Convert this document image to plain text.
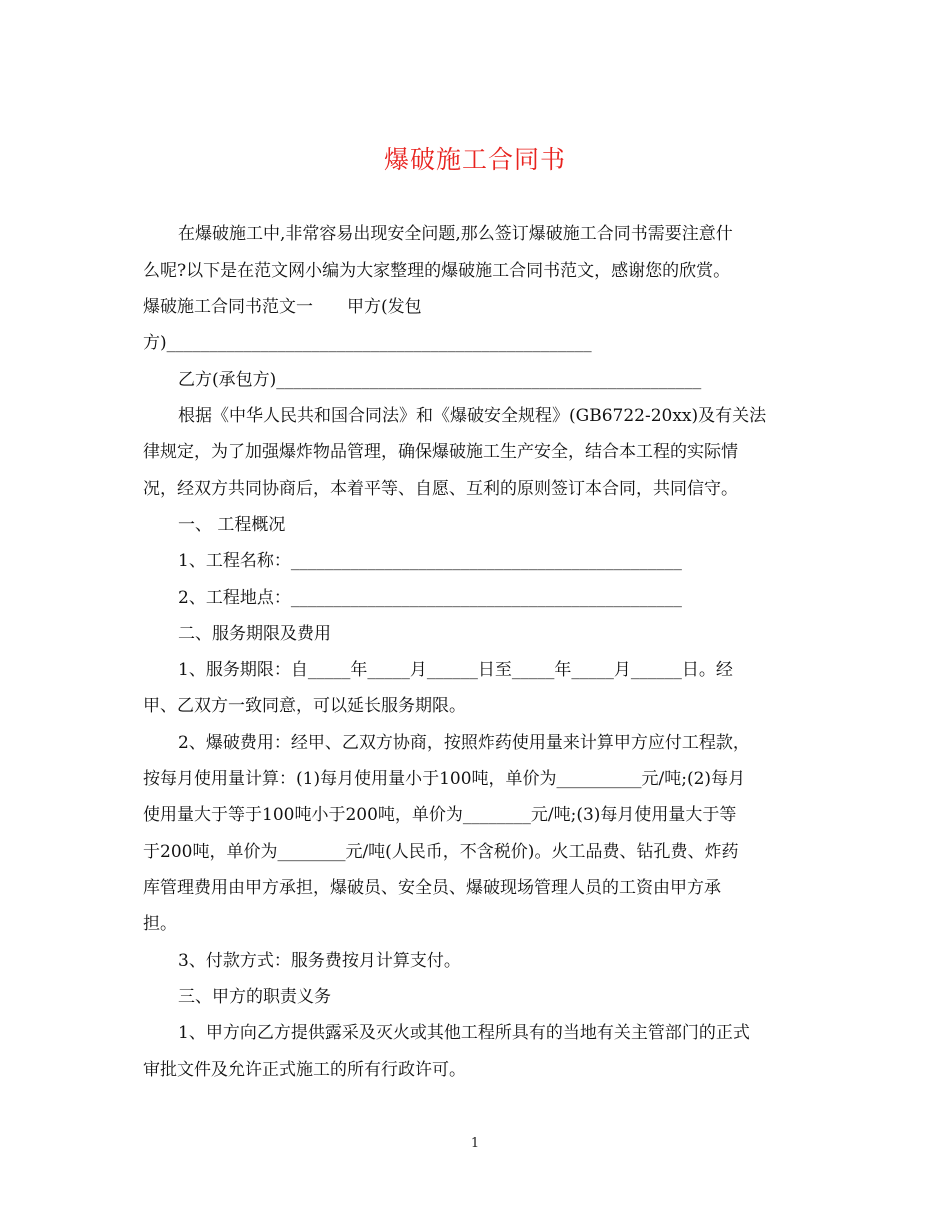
爆破施工合同书
在爆破施工中,非常容易出现安全问题,那么签订爆破施工合同书需要注意什
么呢?以下是在范文网小编为大家整理的爆破施工合同书范文，感谢您的欣赏。
爆破施工合同书范文一　　甲方(发包
方)__________________________________________________
乙方(承包方)__________________________________________________
根据《中华人民共和国合同法》和《爆破安全规程》(GB6722-20xx)及有关法
律规定，为了加强爆炸物品管理，确保爆破施工生产安全，结合本工程的实际情
况，经双方共同协商后，本着平等、自愿、互利的原则签订本合同，共同信守。
一、 工程概况
1、工程名称：______________________________________________
2、工程地点：______________________________________________
二、服务期限及费用
1、服务期限：自_____年_____月______日至_____年_____月______日。经
甲、乙双方一致同意，可以延长服务期限。
2、爆破费用：经甲、乙双方协商，按照炸药使用量来计算甲方应付工程款，
按每月使用量计算：(1)每月使用量小于100吨，单价为__________元/吨;(2)每月
使用量大于等于100吨小于200吨，单价为________元/吨;(3)每月使用量大于等
于200吨，单价为________元/吨(人民币，不含税价)。火工品费、钻孔费、炸药
库管理费用由甲方承担，爆破员、安全员、爆破现场管理人员的工资由甲方承
担。
3、付款方式：服务费按月计算支付。
三、甲方的职责义务
1、甲方向乙方提供露采及灭火或其他工程所具有的当地有关主管部门的正式
审批文件及允许正式施工的所有行政许可。
1
